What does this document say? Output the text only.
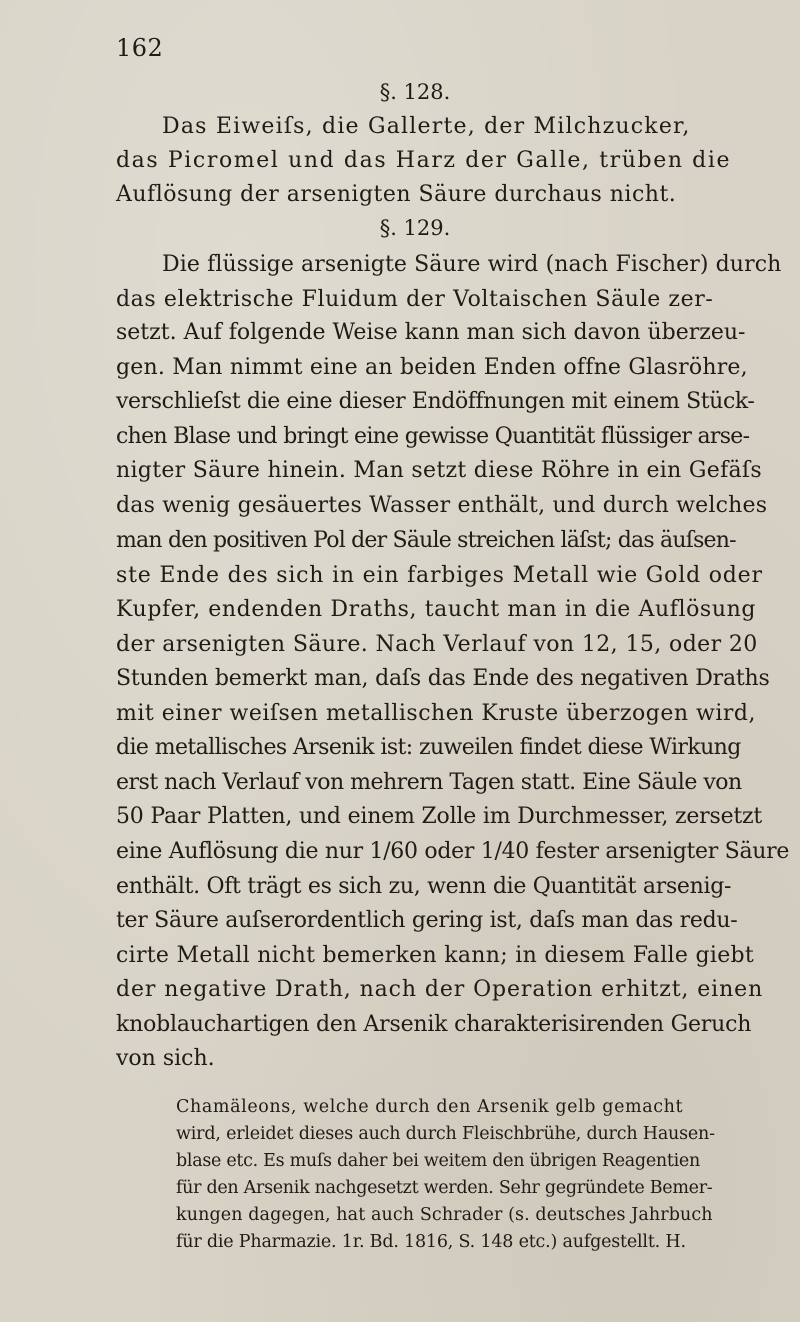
162
§. 128.
Das Eiweiſs, die Gallerte, der Milchzucker,
das Picromel und das Harz der Galle, trüben die
Auflösung der arsenigten Säure durchaus nicht.
§. 129.
Die flüssige arsenigte Säure wird (nach Fischer) durch
das elektrische Fluidum der Voltaischen Säule zer-
setzt. Auf folgende Weise kann man sich davon überzeu-
gen. Man nimmt eine an beiden Enden offne Glasröhre,
verschlieſst die eine dieser Endöffnungen mit einem Stück-
chen Blase und bringt eine gewisse Quantität flüssiger arse-
nigter Säure hinein. Man setzt diese Röhre in ein Gefäſs
das wenig gesäuertes Wasser enthält, und durch welches
man den positiven Pol der Säule streichen läſst; das äuſsen-
ste Ende des sich in ein farbiges Metall wie Gold oder
Kupfer, endenden Draths, taucht man in die Auflösung
der arsenigten Säure. Nach Verlauf von 12, 15, oder 20
Stunden bemerkt man, daſs das Ende des negativen Draths
mit einer weiſsen metallischen Kruste überzogen wird,
die metallisches Arsenik ist: zuweilen findet diese Wirkung
erst nach Verlauf von mehrern Tagen statt. Eine Säule von
50 Paar Platten, und einem Zolle im Durchmesser, zersetzt
eine Auflösung die nur 1/60 oder 1/40 fester arsenigter Säure
enthält. Oft trägt es sich zu, wenn die Quantität arsenig-
ter Säure auſserordentlich gering ist, daſs man das redu-
cirte Metall nicht bemerken kann; in diesem Falle giebt
der negative Drath, nach der Operation erhitzt, einen
knoblauchartigen den Arsenik charakterisirenden Geruch
von sich.
Chamäleons, welche durch den Arsenik gelb gemacht
wird, erleidet dieses auch durch Fleischbrühe, durch Hausen-
blase etc. Es muſs daher bei weitem den übrigen Reagentien
für den Arsenik nachgesetzt werden. Sehr gegründete Bemer-
kungen dagegen, hat auch Schrader (s. deutsches Jahrbuch
für die Pharmazie. 1r. Bd. 1816, S. 148 etc.) aufgestellt. H.
